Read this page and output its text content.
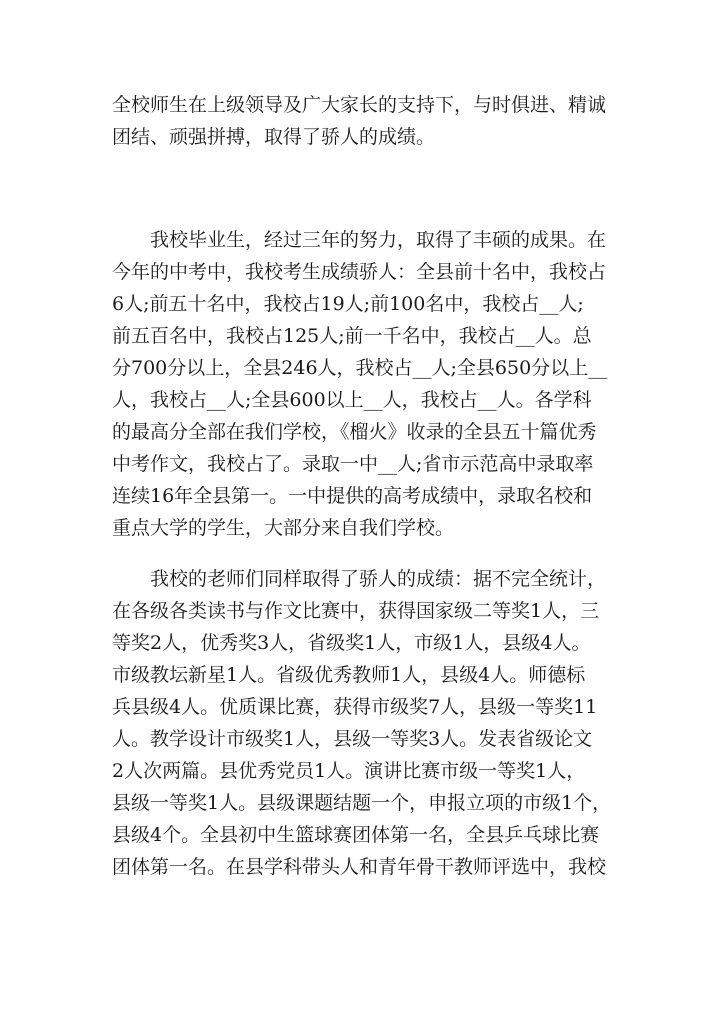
全校师生在上级领导及广大家长的支持下，与时俱进、精诚
团结、顽强拼搏，取得了骄人的成绩。
　　我校毕业生，经过三年的努力，取得了丰硕的成果。在
今年的中考中，我校考生成绩骄人：全县前十名中，我校占
6人;前五十名中，我校占19人;前100名中，我校占__人;
前五百名中，我校占125人;前一千名中，我校占__人。总
分700分以上，全县246人，我校占__人;全县650分以上__
人，我校占__人;全县600以上__人，我校占__人。各学科
的最高分全部在我们学校，《榴火》收录的全县五十篇优秀
中考作文，我校占了。录取一中__人;省市示范高中录取率
连续16年全县第一。一中提供的高考成绩中，录取名校和
重点大学的学生，大部分来自我们学校。
　　我校的老师们同样取得了骄人的成绩：据不完全统计，
在各级各类读书与作文比赛中，获得国家级二等奖1人，三
等奖2人，优秀奖3人，省级奖1人，市级1人，县级4人。
市级教坛新星1人。省级优秀教师1人，县级4人。师德标
兵县级4人。优质课比赛，获得市级奖7人，县级一等奖11
人。教学设计市级奖1人，县级一等奖3人。发表省级论文
2人次两篇。县优秀党员1人。演讲比赛市级一等奖1人，
县级一等奖1人。县级课题结题一个，申报立项的市级1个，
县级4个。全县初中生篮球赛团体第一名，全县乒乓球比赛
团体第一名。在县学科带头人和青年骨干教师评选中，我校
